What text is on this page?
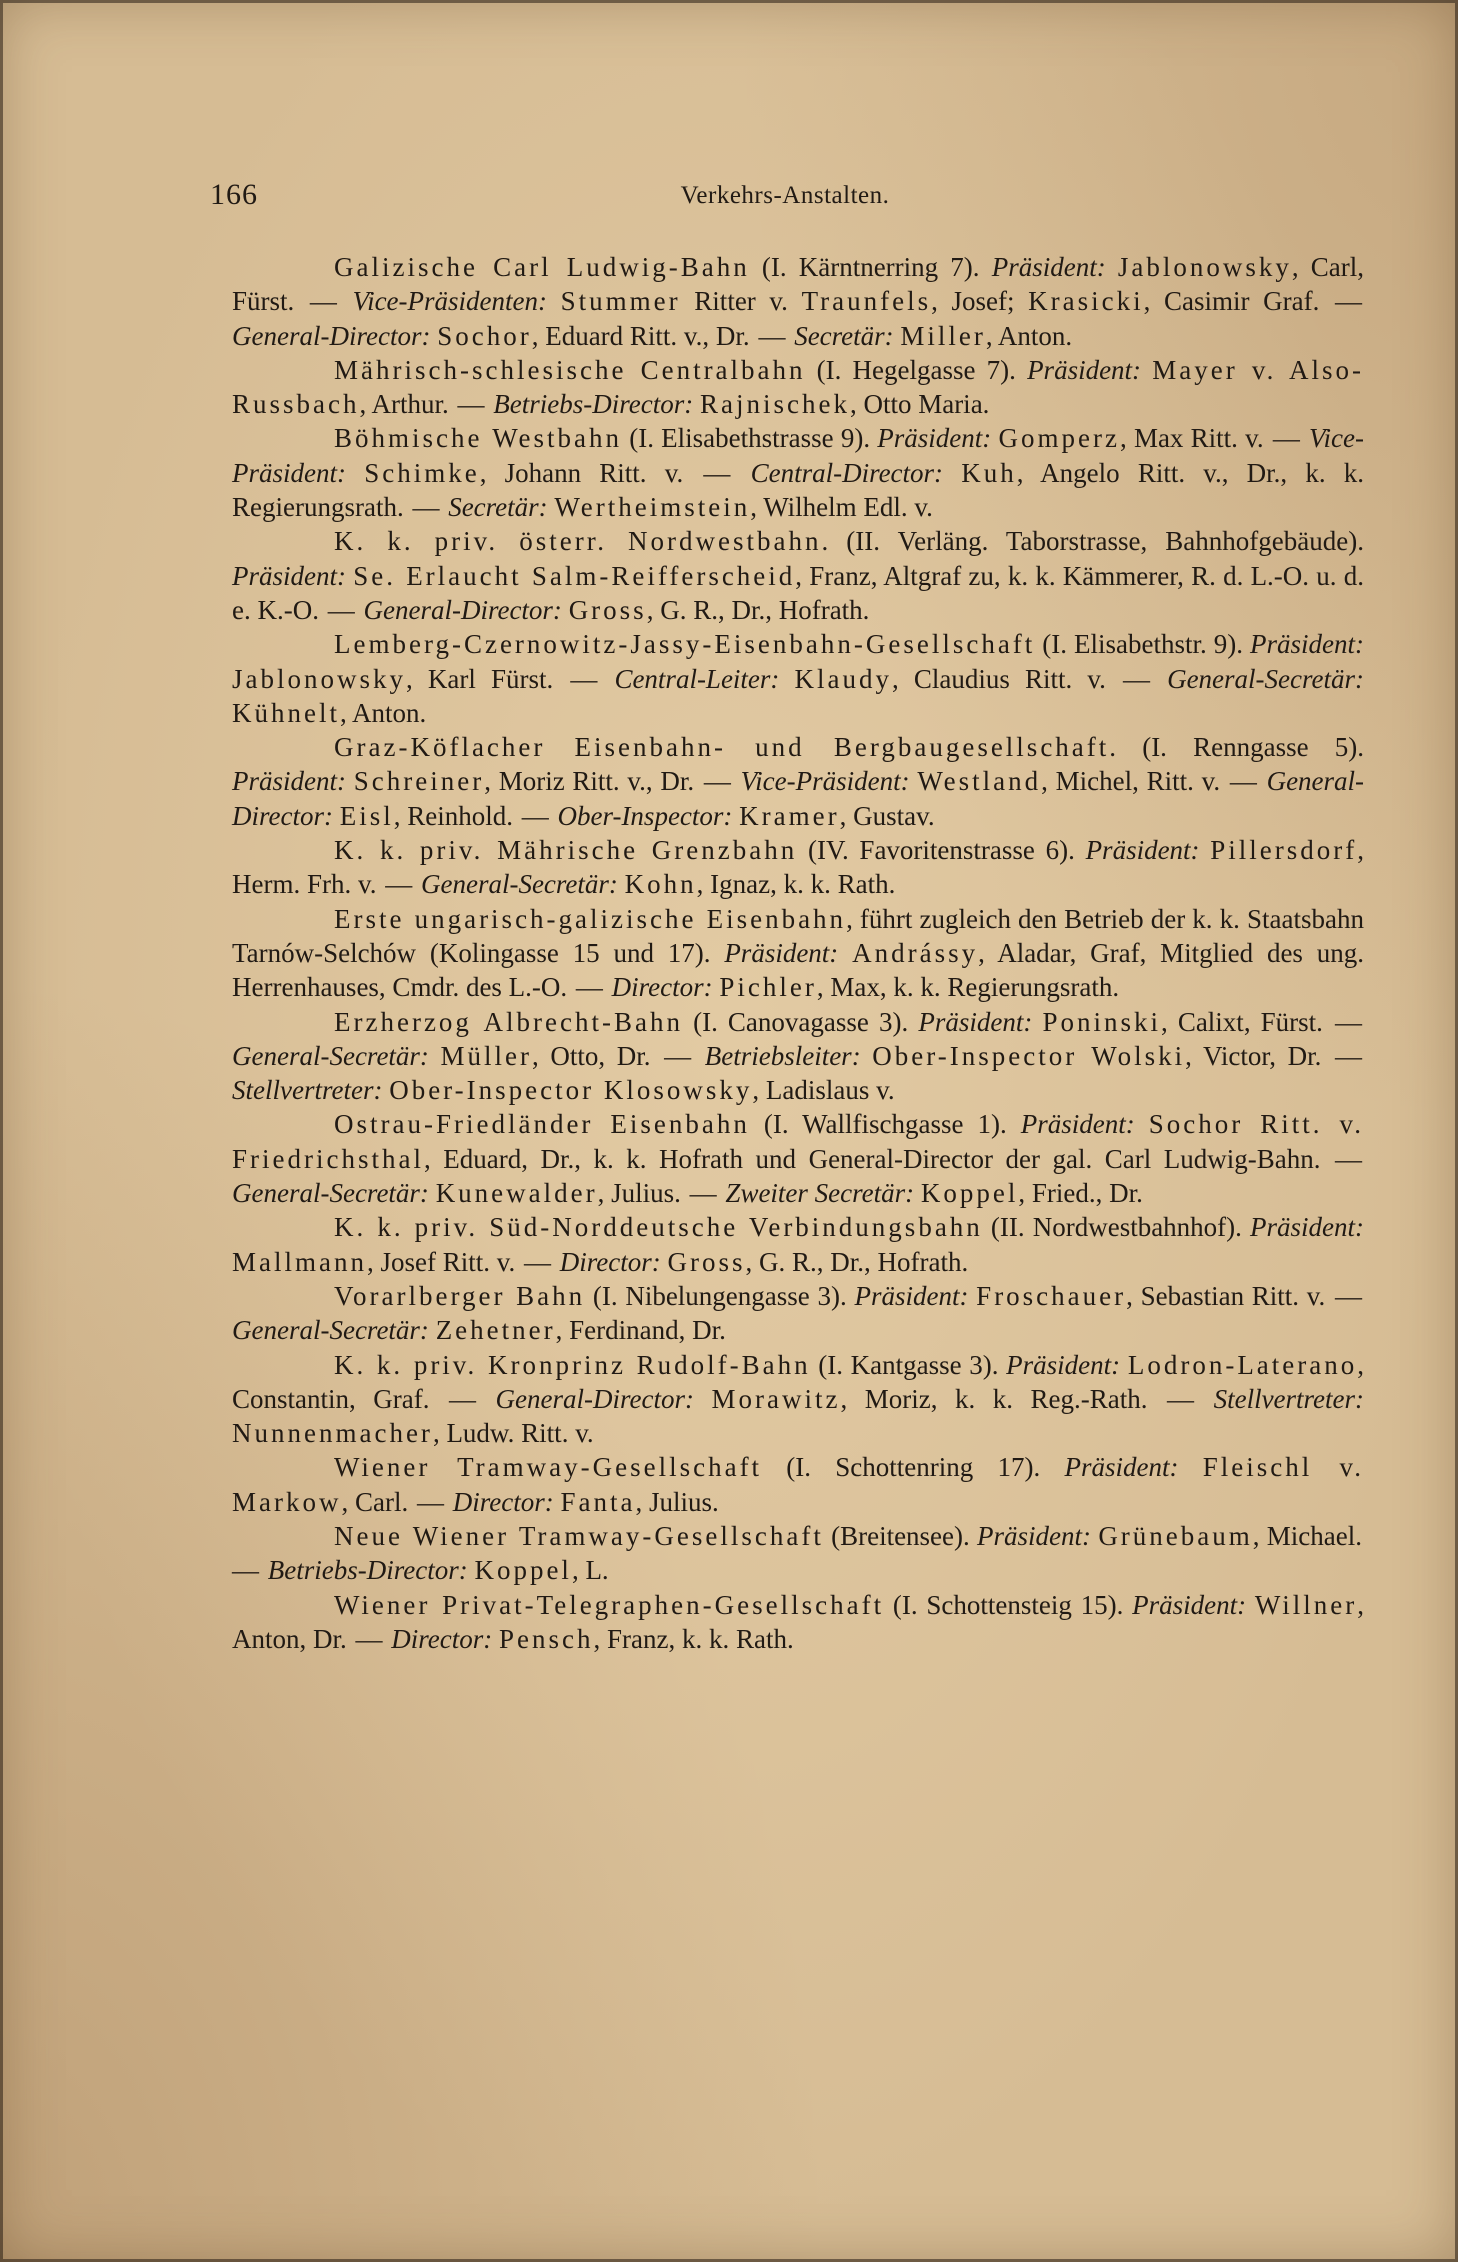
166	Verkehrs-Anstalten.

Galizische Carl Ludwig-Bahn (I. Kärntnerring 7). Präsident: Jablonowsky, Carl, Fürst. — Vice-Präsidenten: Stummer Ritter v. Traunfels, Josef; Krasicki, Casimir Graf. — General-Director: Sochor, Eduard Ritt. v., Dr. — Secretär: Miller, Anton.

Mährisch-schlesische Centralbahn (I. Hegelgasse 7). Präsident: Mayer v. Also-Russbach, Arthur. — Betriebs-Director: Rajnischek, Otto Maria.

Böhmische Westbahn (I. Elisabethstrasse 9). Präsident: Gomperz, Max Ritt. v. — Vice-Präsident: Schimke, Johann Ritt. v. — Central-Director: Kuh, Angelo Ritt. v., Dr., k. k. Regierungsrath. — Secretär: Wertheimstein, Wilhelm Edl. v.

K. k. priv. österr. Nordwestbahn. (II. Verläng. Taborstrasse, Bahnhofgebäude). Präsident: Se. Erlaucht Salm-Reifferscheid, Franz, Altgraf zu, k. k. Kämmerer, R. d. L.-O. u. d. e. K.-O. — General-Director: Gross, G. R., Dr., Hofrath.

Lemberg-Czernowitz-Jassy-Eisenbahn-Gesellschaft (I. Elisabethstr. 9). Präsident: Jablonowsky, Karl Fürst. — Central-Leiter: Klaudy, Claudius Ritt. v. — General-Secretär: Kühnelt, Anton.

Graz-Köflacher Eisenbahn- und Bergbaugesellschaft. (I. Renngasse 5). Präsident: Schreiner, Moriz Ritt. v., Dr. — Vice-Präsident: Westland, Michel, Ritt. v. — General-Director: Eisl, Reinhold. — Ober-Inspector: Kramer, Gustav.

K. k. priv. Mährische Grenzbahn (IV. Favoritenstrasse 6). Präsident: Pillersdorf, Herm. Frh. v. — General-Secretär: Kohn, Ignaz, k. k. Rath.

Erste ungarisch-galizische Eisenbahn, führt zugleich den Betrieb der k. k. Staatsbahn Tarnów-Selchów (Kolingasse 15 und 17). Präsident: Andrássy, Aladar, Graf, Mitglied des ung. Herrenhauses, Cmdr. des L.-O. — Director: Pichler, Max, k. k. Regierungsrath.

Erzherzog Albrecht-Bahn (I. Canovagasse 3). Präsident: Poninski, Calixt, Fürst. — General-Secretär: Müller, Otto, Dr. — Betriebsleiter: Ober-Inspector Wolski, Victor, Dr. — Stellvertreter: Ober-Inspector Klosowsky, Ladislaus v.

Ostrau-Friedländer Eisenbahn (I. Wallfischgasse 1). Präsident: Sochor Ritt. v. Friedrichsthal, Eduard, Dr., k. k. Hofrath und General-Director der gal. Carl Ludwig-Bahn. — General-Secretär: Kunewalder, Julius. — Zweiter Secretär: Koppel, Fried., Dr.

K. k. priv. Süd-Norddeutsche Verbindungsbahn (II. Nordwestbahnhof). Präsident: Mallmann, Josef Ritt. v. — Director: Gross, G. R., Dr., Hofrath.

Vorarlberger Bahn (I. Nibelungengasse 3). Präsident: Froschauer, Sebastian Ritt. v. — General-Secretär: Zehetner, Ferdinand, Dr.

K. k. priv. Kronprinz Rudolf-Bahn (I. Kantgasse 3). Präsident: Lodron-Laterano, Constantin, Graf. — General-Director: Morawitz, Moriz, k. k. Reg.-Rath. — Stellvertreter: Nunnenmacher, Ludw. Ritt. v.

Wiener Tramway-Gesellschaft (I. Schottenring 17). Präsident: Fleischl v. Markow, Carl. — Director: Fanta, Julius.

Neue Wiener Tramway-Gesellschaft (Breitensee). Präsident: Grünebaum, Michael. — Betriebs-Director: Koppel, L.

Wiener Privat-Telegraphen-Gesellschaft (I. Schottensteig 15). Präsident: Willner, Anton, Dr. — Director: Pensch, Franz, k. k. Rath.
